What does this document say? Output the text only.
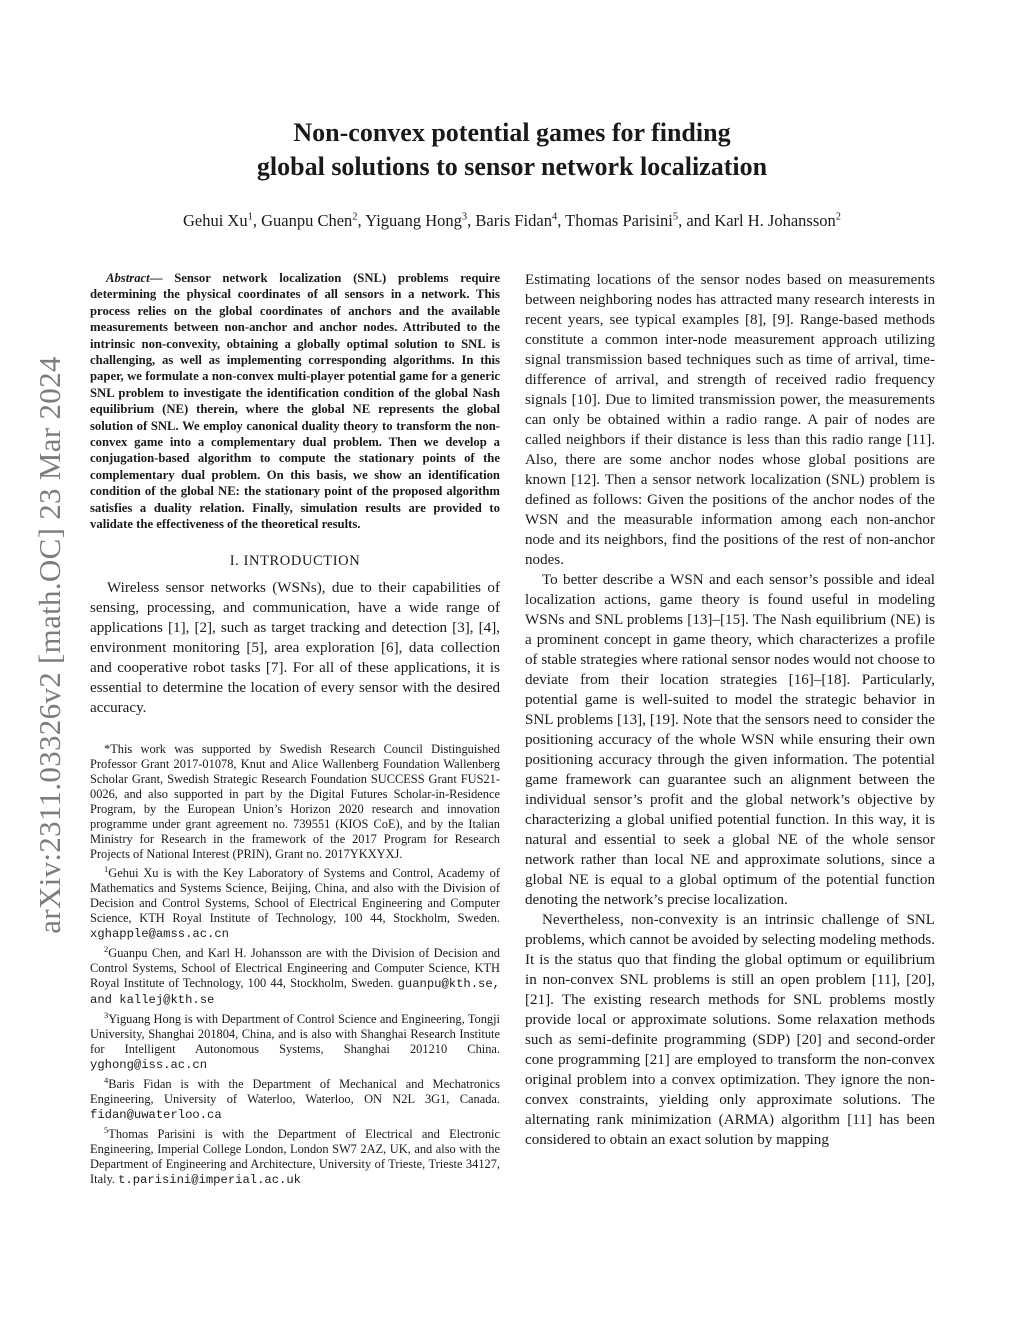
arXiv:2311.03326v2 [math.OC] 23 Mar 2024
Non-convex potential games for finding
global solutions to sensor network localization
Gehui Xu$^1$, Guanpu Chen$^2$, Yiguang Hong$^3$, Baris Fidan$^4$, Thomas Parisini$^5$, and Karl H. Johansson$^2$

Abstract— Sensor network localization (SNL) problems require determining the physical coordinates of all sensors in a network. This process relies on the global coordinates of anchors and the available measurements between non-anchor and anchor nodes. Attributed to the intrinsic non-convexity, obtaining a globally optimal solution to SNL is challenging, as well as implementing corresponding algorithms. In this paper, we formulate a non-convex multi-player potential game for a generic SNL problem to investigate the identification condition of the global Nash equilibrium (NE) therein, where the global NE represents the global solution of SNL. We employ canonical duality theory to transform the non-convex game into a complementary dual problem. Then we develop a conjugation-based algorithm to compute the stationary points of the complementary dual problem. On this basis, we show an identification condition of the global NE: the stationary point of the proposed algorithm satisfies a duality relation. Finally, simulation results are provided to validate the effectiveness of the theoretical results.

I. INTRODUCTION

Wireless sensor networks (WSNs), due to their capabilities of sensing, processing, and communication, have a wide range of applications [1], [2], such as target tracking and detection [3], [4], environment monitoring [5], area exploration [6], data collection and cooperative robot tasks [7]. For all of these applications, it is essential to determine the location of every sensor with the desired accuracy.

*This work was supported by Swedish Research Council Distinguished Professor Grant 2017-01078, Knut and Alice Wallenberg Foundation Wallenberg Scholar Grant, Swedish Strategic Research Foundation SUCCESS Grant FUS21-0026, and also supported in part by the Digital Futures Scholar-in-Residence Program, by the European Union’s Horizon 2020 research and innovation programme under grant agreement no. 739551 (KIOS CoE), and by the Italian Ministry for Research in the framework of the 2017 Program for Research Projects of National Interest (PRIN), Grant no. 2017YKXYXJ.

$^1$Gehui Xu is with the Key Laboratory of Systems and Control, Academy of Mathematics and Systems Science, Beijing, China, and also with the Division of Decision and Control Systems, School of Electrical Engineering and Computer Science, KTH Royal Institute of Technology, 100 44, Stockholm, Sweden. xghapple@amss.ac.cn

$^2$Guanpu Chen, and Karl H. Johansson are with the Division of Decision and Control Systems, School of Electrical Engineering and Computer Science, KTH Royal Institute of Technology, 100 44, Stockholm, Sweden. guanpu@kth.se, and kallej@kth.se

$^3$Yiguang Hong is with Department of Control Science and Engineering, Tongji University, Shanghai 201804, China, and is also with Shanghai Research Institute for Intelligent Autonomous Systems, Shanghai 201210 China. yghong@iss.ac.cn

$^4$Baris Fidan is with the Department of Mechanical and Mechatronics Engineering, University of Waterloo, Waterloo, ON N2L 3G1, Canada. fidan@uwaterloo.ca

$^5$Thomas Parisini is with the Department of Electrical and Electronic Engineering, Imperial College London, London SW7 2AZ, UK, and also with the Department of Engineering and Architecture, University of Trieste, Trieste 34127, Italy. t.parisini@imperial.ac.uk

Estimating locations of the sensor nodes based on measurements between neighboring nodes has attracted many research interests in recent years, see typical examples [8], [9]. Range-based methods constitute a common inter-node measurement approach utilizing signal transmission based techniques such as time of arrival, time-difference of arrival, and strength of received radio frequency signals [10]. Due to limited transmission power, the measurements can only be obtained within a radio range. A pair of nodes are called neighbors if their distance is less than this radio range [11]. Also, there are some anchor nodes whose global positions are known [12]. Then a sensor network localization (SNL) problem is defined as follows: Given the positions of the anchor nodes of the WSN and the measurable information among each non-anchor node and its neighbors, find the positions of the rest of non-anchor nodes.

To better describe a WSN and each sensor’s possible and ideal localization actions, game theory is found useful in modeling WSNs and SNL problems [13]–[15]. The Nash equilibrium (NE) is a prominent concept in game theory, which characterizes a profile of stable strategies where rational sensor nodes would not choose to deviate from their location strategies [16]–[18]. Particularly, potential game is well-suited to model the strategic behavior in SNL problems [13], [19]. Note that the sensors need to consider the positioning accuracy of the whole WSN while ensuring their own positioning accuracy through the given information. The potential game framework can guarantee such an alignment between the individual sensor’s profit and the global network’s objective by characterizing a global unified potential function. In this way, it is natural and essential to seek a global NE of the whole sensor network rather than local NE and approximate solutions, since a global NE is equal to a global optimum of the potential function denoting the network’s precise localization.

Nevertheless, non-convexity is an intrinsic challenge of SNL problems, which cannot be avoided by selecting modeling methods. It is the status quo that finding the global optimum or equilibrium in non-convex SNL problems is still an open problem [11], [20], [21]. The existing research methods for SNL problems mostly provide local or approximate solutions. Some relaxation methods such as semi-definite programming (SDP) [20] and second-order cone programming [21] are employed to transform the non-convex original problem into a convex optimization. They ignore the non-convex constraints, yielding only approximate solutions. The alternating rank minimization (ARMA) algorithm [11] has been considered to obtain an exact solution by mapping
